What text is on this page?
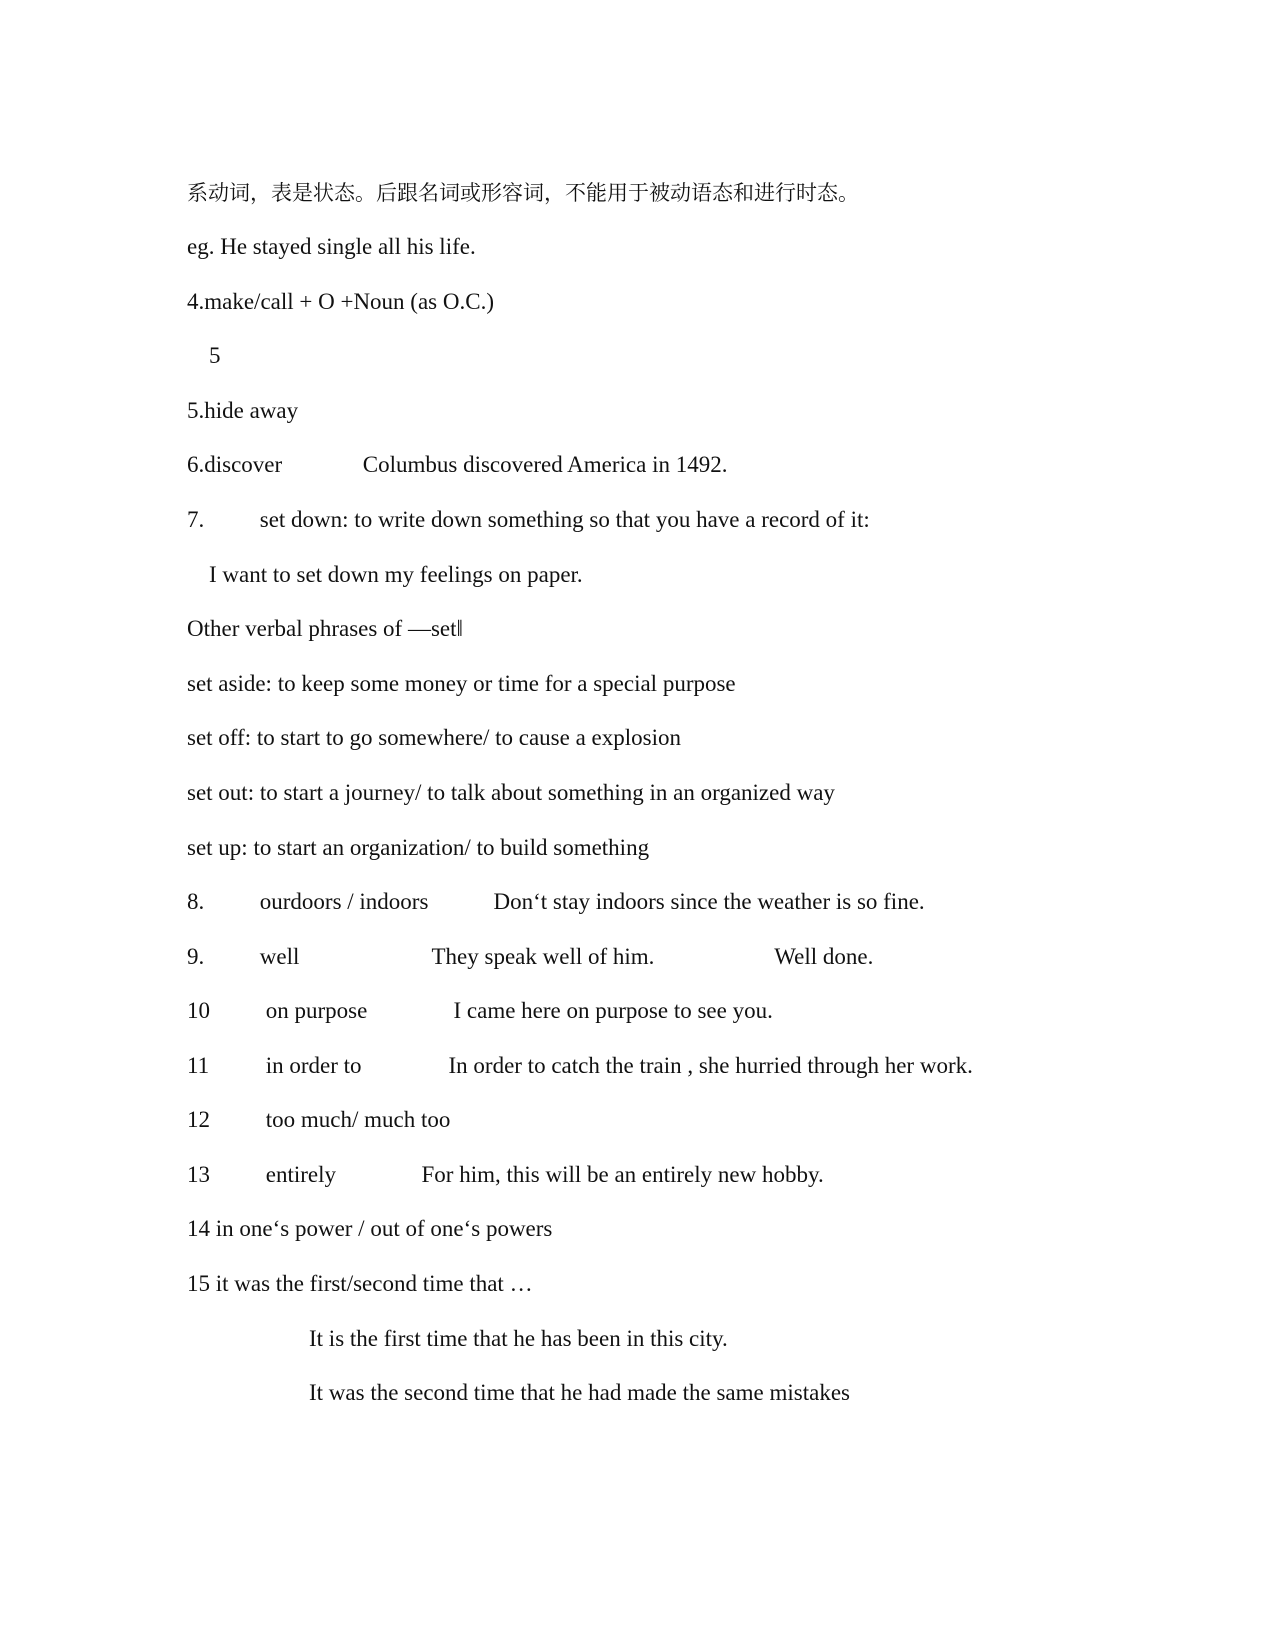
系动词，表是状态。后跟名词或形容词，不能用于被动语态和进行时态。
eg. He stayed single all his life.
4.make/call + O +Noun (as O.C.)
5
5.hide away
6.discover	Columbus discovered America in 1492.
7. set down: to write down something so that you have a record of it:
I want to set down my feelings on paper.
Other verbal phrases of ―set‖
set aside: to keep some money or time for a special purpose
set off: to start to go somewhere/ to cause a explosion
set out: to start a journey/ to talk about something in an organized way
set up: to start an organization/ to build something
8. ourdoors / indoors	Don‘t stay indoors since the weather is so fine.
9. well	They speak well of him.	Well done.
10 on purpose	I came here on purpose to see you.
11 in order to	In order to catch the train , she hurried through her work.
12 too much/ much too
13 entirely	For him, this will be an entirely new hobby.
14 in one‘s power / out of one‘s powers
15 it was the first/second time that …
It is the first time that he has been in this city.
It was the second time that he had made the same mistakes
